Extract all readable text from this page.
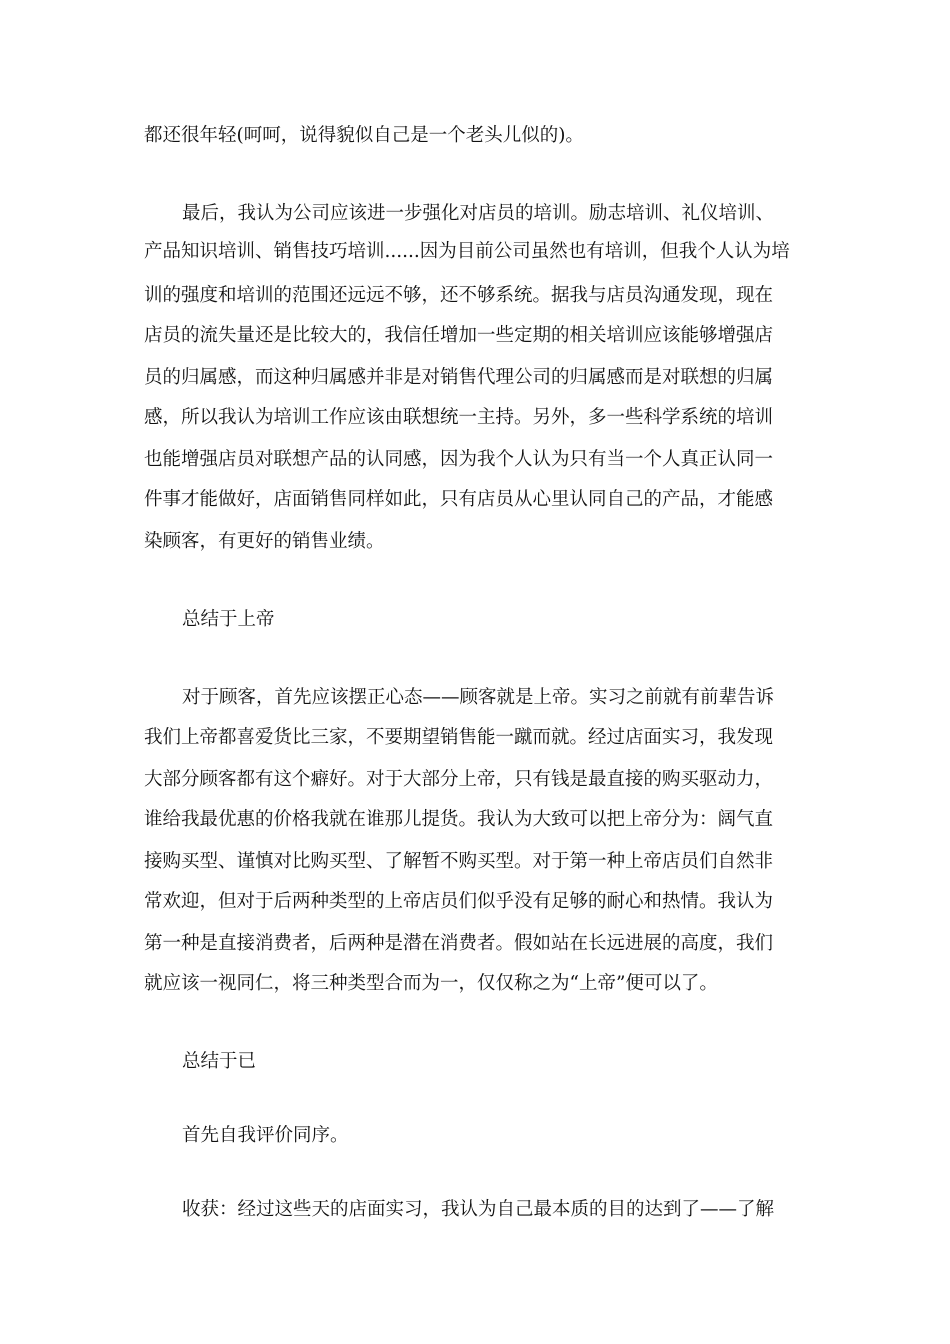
都还很年轻(呵呵，说得貌似自己是一个老头儿似的)。

最后，我认为公司应该进一步强化对店员的培训。励志培训、礼仪培训、

产品知识培训、销售技巧培训......因为目前公司虽然也有培训，但我个人认为培

训的强度和培训的范围还远远不够，还不够系统。据我与店员沟通发现，现在

店员的流失量还是比较大的，我信任增加一些定期的相关培训应该能够增强店

员的归属感，而这种归属感并非是对销售代理公司的归属感而是对联想的归属

感，所以我认为培训工作应该由联想统一主持。另外，多一些科学系统的培训

也能增强店员对联想产品的认同感，因为我个人认为只有当一个人真正认同一

件事才能做好，店面销售同样如此，只有店员从心里认同自己的产品，才能感

染顾客，有更好的销售业绩。

总结于上帝

对于顾客，首先应该摆正心态——顾客就是上帝。实习之前就有前辈告诉

我们上帝都喜爱货比三家，不要期望销售能一蹴而就。经过店面实习，我发现

大部分顾客都有这个癖好。对于大部分上帝，只有钱是最直接的购买驱动力，

谁给我最优惠的价格我就在谁那儿提货。我认为大致可以把上帝分为：阔气直

接购买型、谨慎对比购买型、了解暂不购买型。对于第一种上帝店员们自然非

常欢迎，但对于后两种类型的上帝店员们似乎没有足够的耐心和热情。我认为

第一种是直接消费者，后两种是潜在消费者。假如站在长远进展的高度，我们

就应该一视同仁，将三种类型合而为一，仅仅称之为“上帝”便可以了。

总结于已

首先自我评价同序。

收获：经过这些天的店面实习，我认为自己最本质的目的达到了——了解
